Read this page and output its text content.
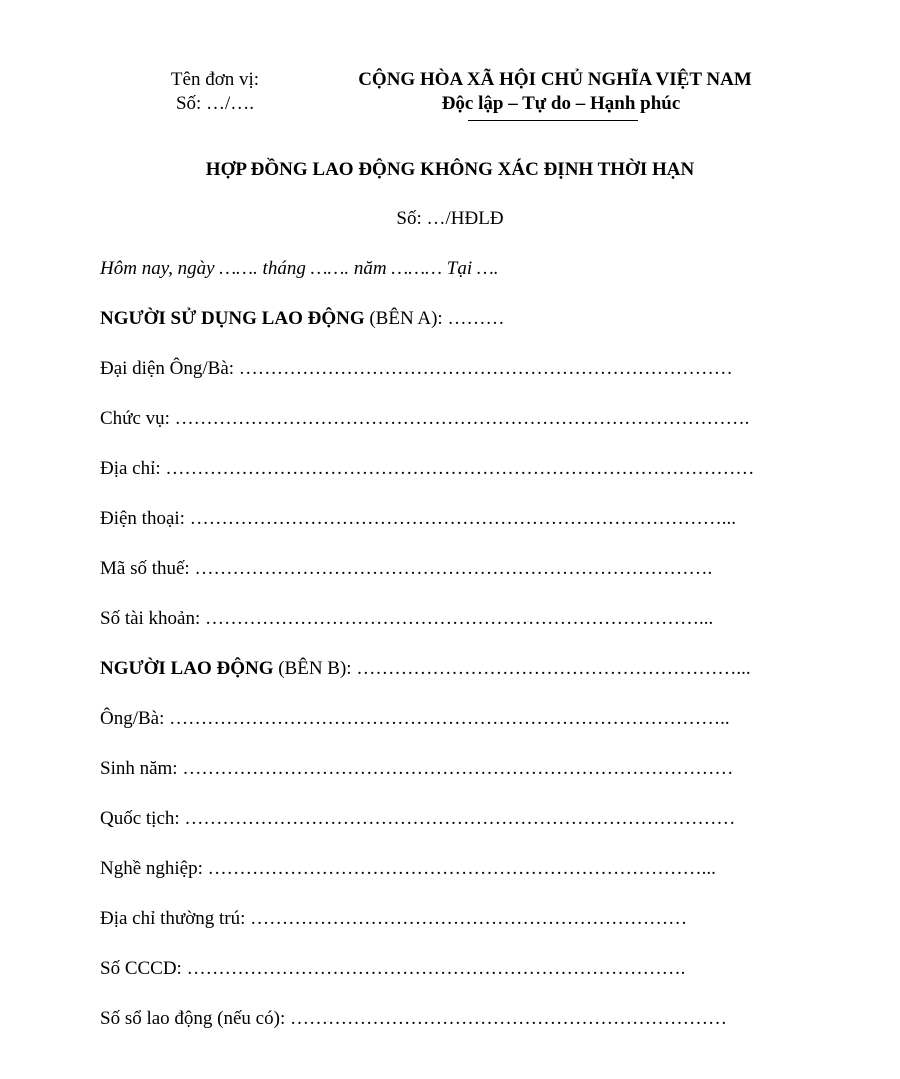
Tên đơn vị:
Số: …/….
CỘNG HÒA XÃ HỘI CHỦ NGHĨA VIỆT NAM
Độc lập – Tự do – Hạnh phúc
HỢP ĐỒNG LAO ĐỘNG KHÔNG XÁC ĐỊNH THỜI HẠN
Số: …/HĐLĐ
Hôm nay, ngày ……. tháng ……. năm ……… Tại ….
NGƯỜI SỬ DỤNG LAO ĐỘNG (BÊN A): ………
Đại diện Ông/Bà: ……………………………………………………………………
Chức vụ: ……………………………………………………………………………….
Địa chỉ: …………………………………………………………………………………
Điện thoại: …………………………………………………………………………...
Mã số thuế: ……………………………………………………………………….
Số tài khoản: ……………………………………………………………………...
NGƯỜI LAO ĐỘNG (BÊN B): ……………………………………………………...
Ông/Bà: ……………………………………………………………………………..
Sinh năm: ……………………………………………………………………………
Quốc tịch: ……………………………………………………………………………
Nghề nghiệp: ……………………………………………………………………...
Địa chỉ thường trú: ……………………………………………………………
Số CCCD: …………………………………………………………………….
Số sổ lao động (nếu có): ……………………………………………………………
